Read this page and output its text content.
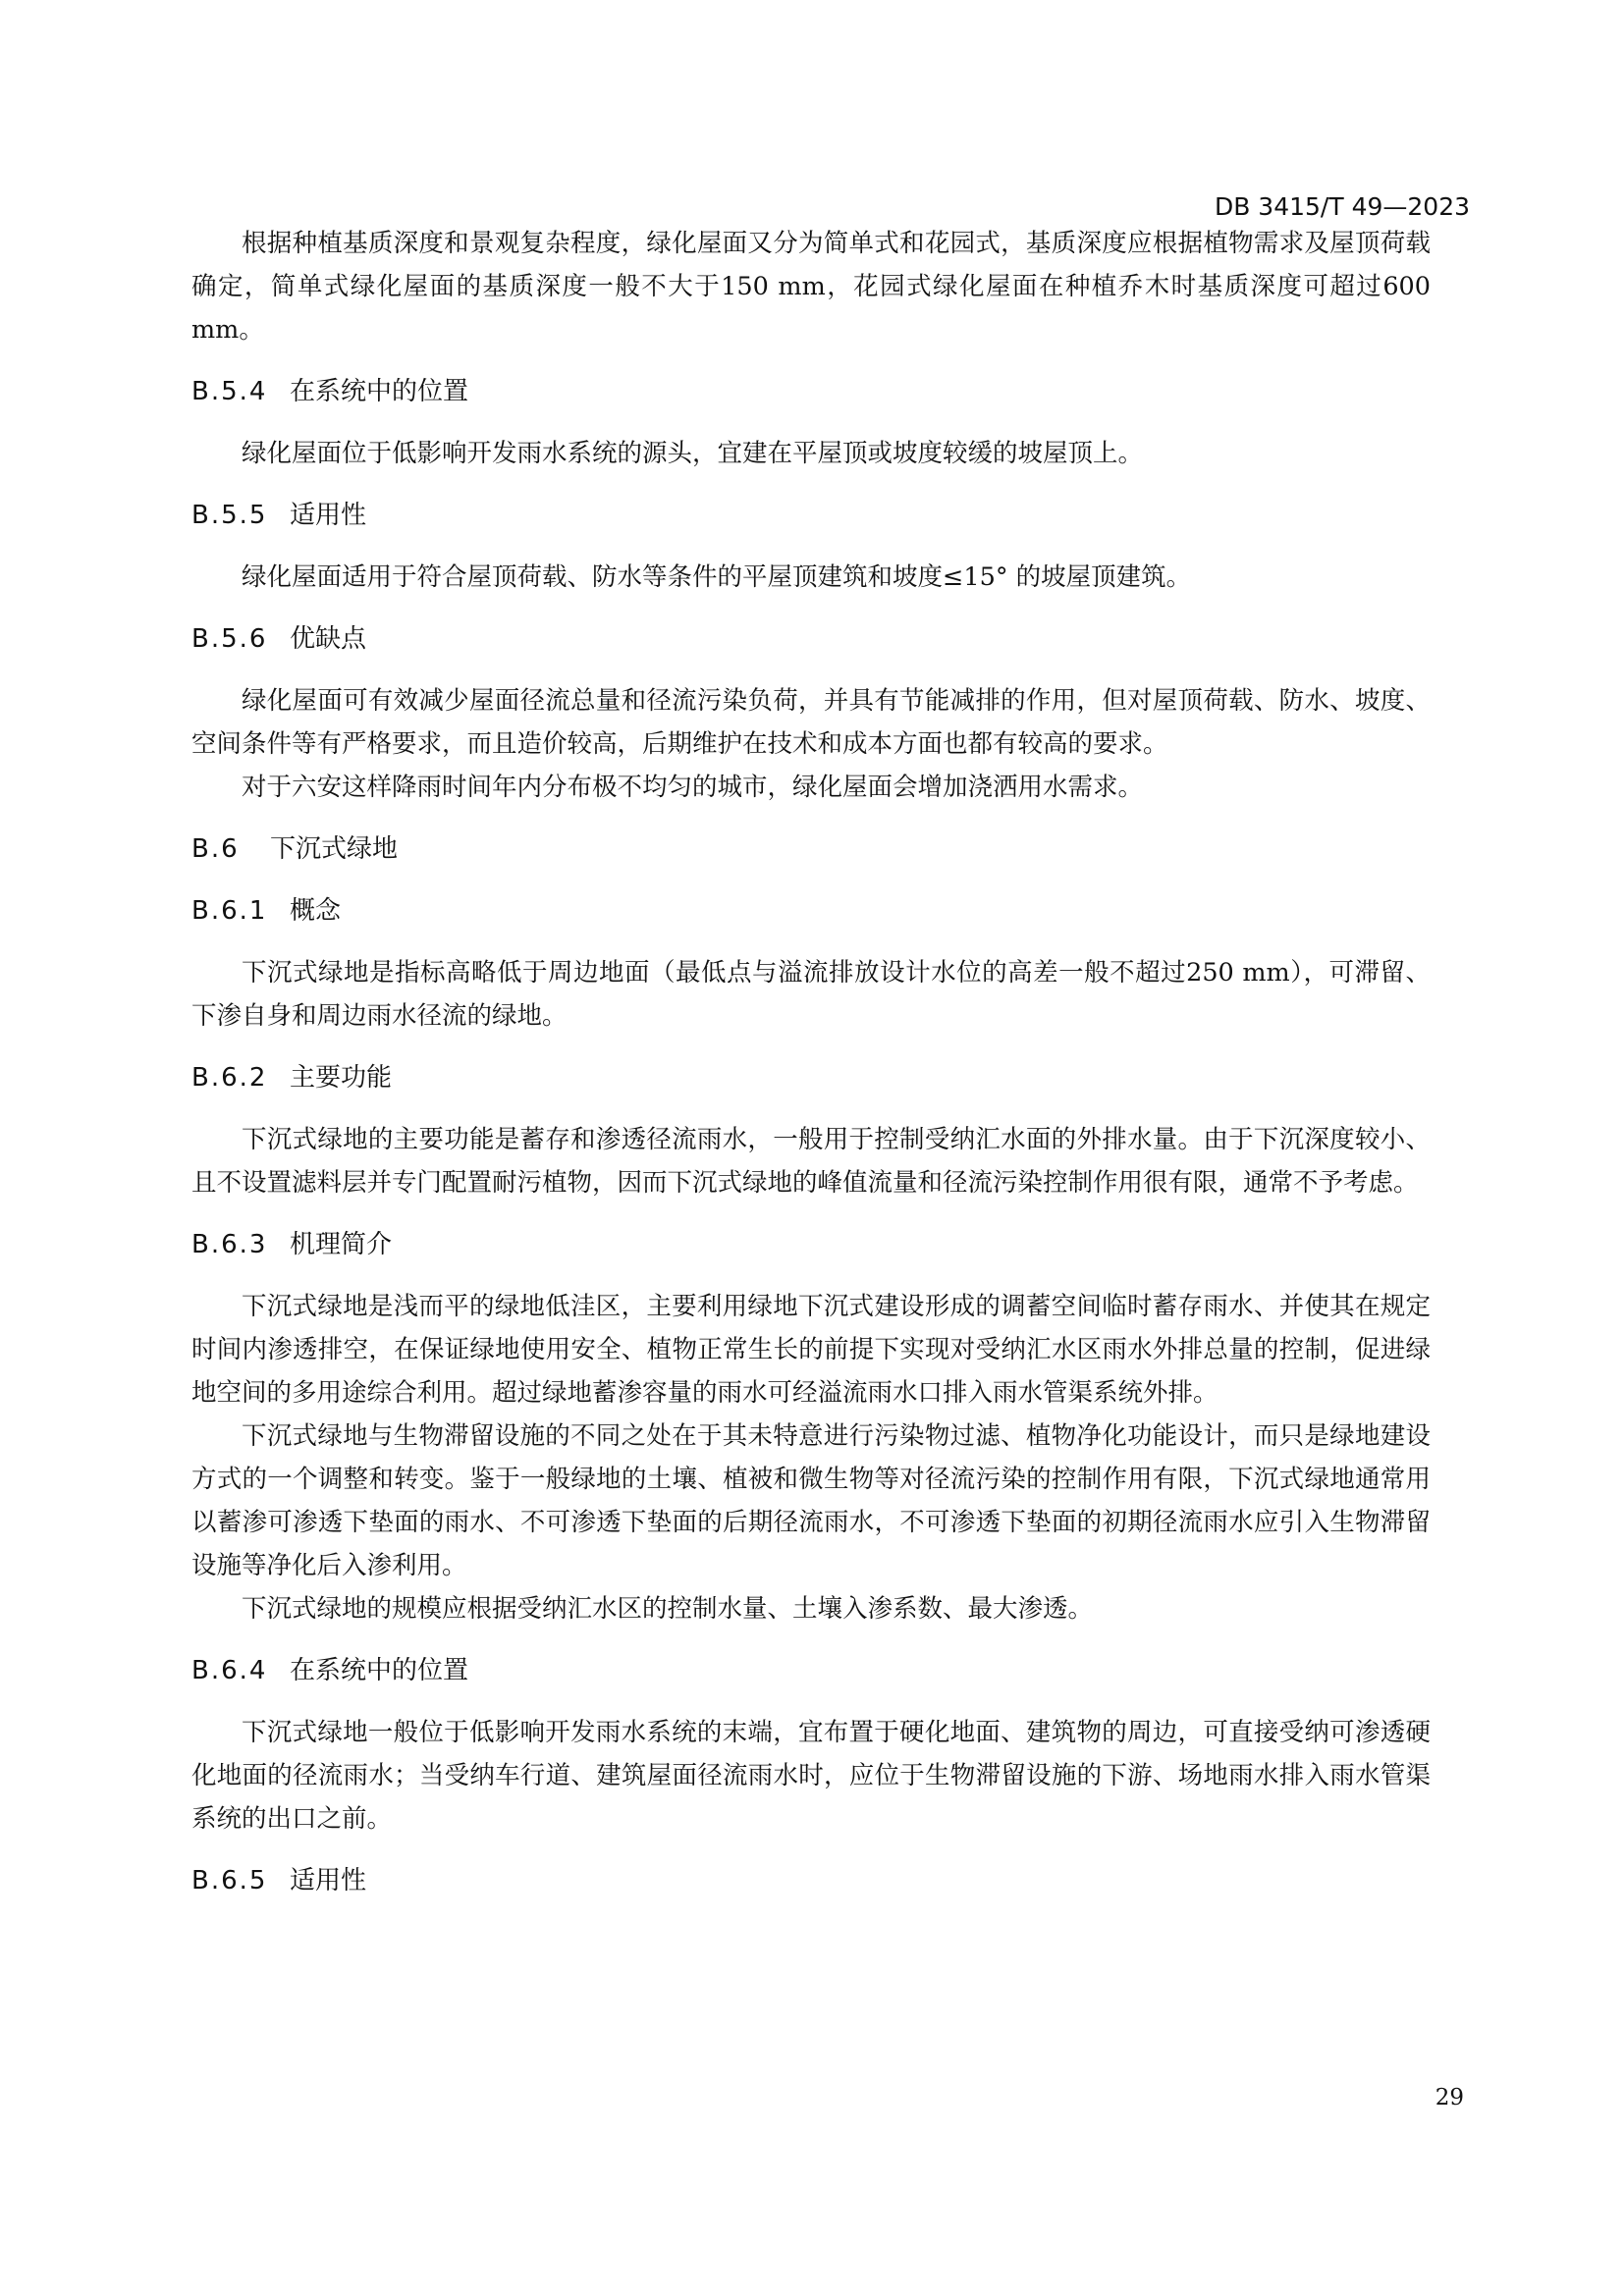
DB 3415/T 49—2023

根据种植基质深度和景观复杂程度，绿化屋面又分为简单式和花园式，基质深度应根据植物需求及屋顶荷载确定，简单式绿化屋面的基质深度一般不大于150 mm，花园式绿化屋面在种植乔木时基质深度可超过600 mm。

B.5.4 在系统中的位置

绿化屋面位于低影响开发雨水系统的源头，宜建在平屋顶或坡度较缓的坡屋顶上。

B.5.5 适用性

绿化屋面适用于符合屋顶荷载、防水等条件的平屋顶建筑和坡度≤15° 的坡屋顶建筑。

B.5.6 优缺点

绿化屋面可有效减少屋面径流总量和径流污染负荷，并具有节能减排的作用，但对屋顶荷载、防水、坡度、空间条件等有严格要求，而且造价较高，后期维护在技术和成本方面也都有较高的要求。

对于六安这样降雨时间年内分布极不均匀的城市，绿化屋面会增加浇洒用水需求。

B.6 下沉式绿地
B.6.1 概念

下沉式绿地是指标高略低于周边地面（最低点与溢流排放设计水位的高差一般不超过250 mm），可滞留、下渗自身和周边雨水径流的绿地。

B.6.2 主要功能

下沉式绿地的主要功能是蓄存和渗透径流雨水，一般用于控制受纳汇水面的外排水量。由于下沉深度较小、且不设置滤料层并专门配置耐污植物，因而下沉式绿地的峰值流量和径流污染控制作用很有限，通常不予考虑。

B.6.3 机理简介

下沉式绿地是浅而平的绿地低洼区，主要利用绿地下沉式建设形成的调蓄空间临时蓄存雨水、并使其在规定时间内渗透排空，在保证绿地使用安全、植物正常生长的前提下实现对受纳汇水区雨水外排总量的控制，促进绿地空间的多用途综合利用。超过绿地蓄渗容量的雨水可经溢流雨水口排入雨水管渠系统外排。

下沉式绿地与生物滞留设施的不同之处在于其未特意进行污染物过滤、植物净化功能设计，而只是绿地建设方式的一个调整和转变。鉴于一般绿地的土壤、植被和微生物等对径流污染的控制作用有限，下沉式绿地通常用以蓄渗可渗透下垫面的雨水、不可渗透下垫面的后期径流雨水，不可渗透下垫面的初期径流雨水应引入生物滞留设施等净化后入渗利用。

下沉式绿地的规模应根据受纳汇水区的控制水量、土壤入渗系数、最大渗透。

B.6.4 在系统中的位置

下沉式绿地一般位于低影响开发雨水系统的末端，宜布置于硬化地面、建筑物的周边，可直接受纳可渗透硬化地面的径流雨水；当受纳车行道、建筑屋面径流雨水时，应位于生物滞留设施的下游、场地雨水排入雨水管渠系统的出口之前。

B.6.5 适用性
29
